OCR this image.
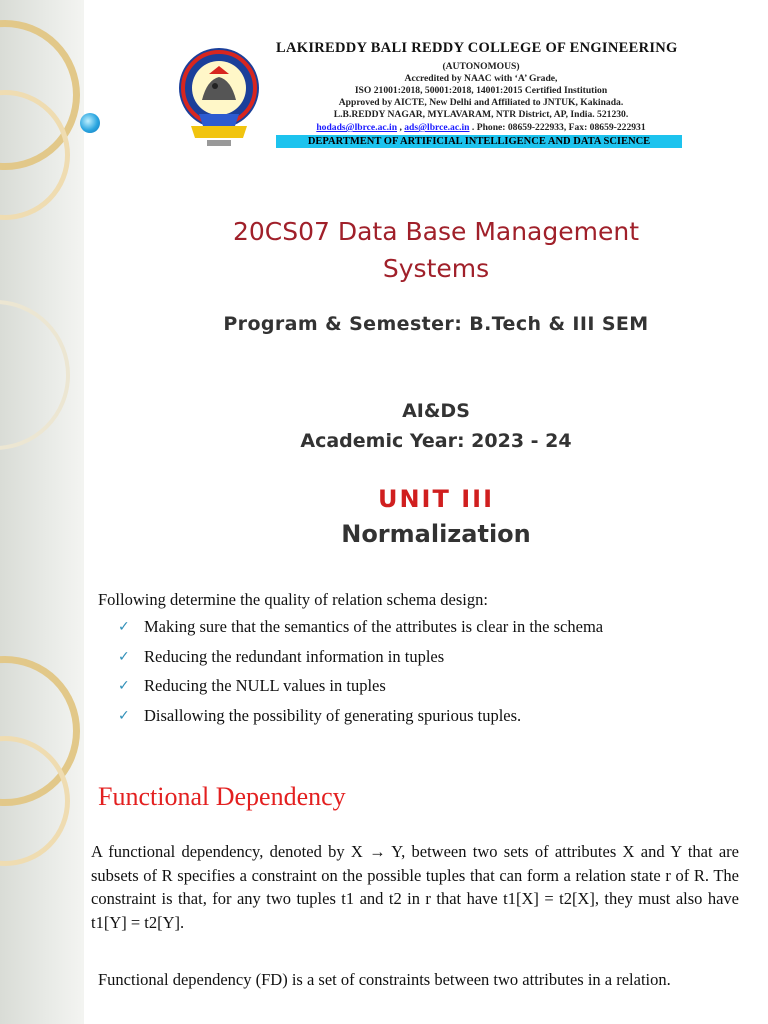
LAKIREDDY BALI REDDY COLLEGE OF ENGINEERING
(AUTONOMOUS)
Accredited by NAAC with ‘A’ Grade,
ISO 21001:2018, 50001:2018, 14001:2015 Certified Institution
Approved by AICTE, New Delhi and Affiliated to JNTUK, Kakinada.
L.B.REDDY NAGAR, MYLAVARAM, NTR District, AP, India. 521230.
hodads@lbrce.ac.in , ads@lbrce.ac.in . Phone: 08659-222933, Fax: 08659-222931
DEPARTMENT OF ARTIFICIAL INTELLIGENCE AND DATA SCIENCE
20CS07 Data Base Management Systems
Program & Semester: B.Tech & III SEM
AI&DS
Academic Year: 2023 - 24
UNIT III
Normalization
Following determine the quality of relation schema design:
✓ Making sure that the semantics of the attributes is clear in the schema
✓ Reducing the redundant information in tuples
✓ Reducing the NULL values in tuples
✓ Disallowing the possibility of generating spurious tuples.
Functional Dependency

A functional dependency, denoted by X → Y, between two sets of attributes X and Y that are subsets of R specifies a constraint on the possible tuples that can form a relation state r of R. The constraint is that, for any two tuples t1 and t2 in r that have t1[X] = t2[X], they must also have t1[Y] = t2[Y].

Functional dependency (FD) is a set of constraints between two attributes in a relation.
